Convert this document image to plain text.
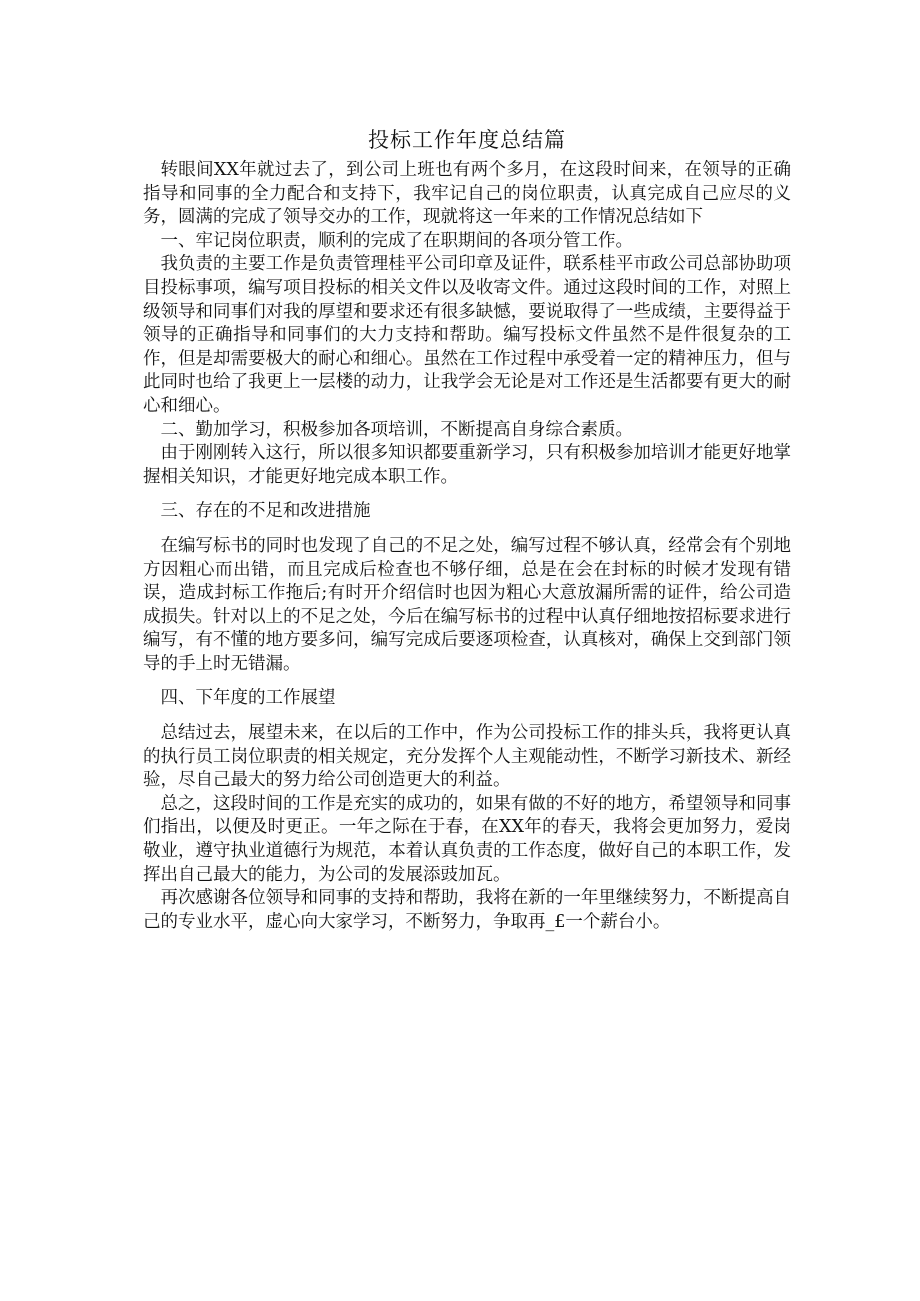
投标工作年度总结篇
转眼间XX年就过去了，到公司上班也有两个多月，在这段时间来，在领导的正确指导和同事的全力配合和支持下，我牢记自己的岗位职责，认真完成自己应尽的义务，圆满的完成了领导交办的工作，现就将这一年来的工作情况总结如下
一、牢记岗位职责，顺利的完成了在职期间的各项分管工作。
我负责的主要工作是负责管理桂平公司印章及证件，联系桂平市政公司总部协助项目投标事项，编写项目投标的相关文件以及收寄文件。通过这段时间的工作，对照上级领导和同事们对我的厚望和要求还有很多缺憾，要说取得了一些成绩，主要得益于领导的正确指导和同事们的大力支持和帮助。编写投标文件虽然不是件很复杂的工作，但是却需要极大的耐心和细心。虽然在工作过程中承受着一定的精神压力，但与此同时也给了我更上一层楼的动力，让我学会无论是对工作还是生活都要有更大的耐心和细心。
二、勤加学习，积极参加各项培训，不断提高自身综合素质。
由于刚刚转入这行，所以很多知识都要重新学习，只有积极参加培训才能更好地掌握相关知识，才能更好地完成本职工作。
三、存在的不足和改进措施
在编写标书的同时也发现了自己的不足之处，编写过程不够认真，经常会有个别地方因粗心而出错，而且完成后检查也不够仔细，总是在会在封标的时候才发现有错误，造成封标工作拖后;有时开介绍信时也因为粗心大意放漏所需的证件，给公司造成损失。针对以上的不足之处，今后在编写标书的过程中认真仔细地按招标要求进行编写，有不懂的地方要多问，编写完成后要逐项检查，认真核对，确保上交到部门领导的手上时无错漏。
四、下年度的工作展望
总结过去，展望未来，在以后的工作中，作为公司投标工作的排头兵，我将更认真的执行员工岗位职责的相关规定，充分发挥个人主观能动性，不断学习新技术、新经验，尽自己最大的努力给公司创造更大的利益。
总之，这段时间的工作是充实的成功的，如果有做的不好的地方，希望领导和同事们指出，以便及时更正。一年之际在于春，在XX年的春天，我将会更加努力，爱岗敬业，遵守执业道德行为规范，本着认真负责的工作态度，做好自己的本职工作，发挥出自己最大的能力，为公司的发展添豉加瓦。
再次感谢各位领导和同事的支持和帮助，我将在新的一年里继续努力，不断提高自己的专业水平，虚心向大家学习，不断努力，争取再_£一个薪台小。
